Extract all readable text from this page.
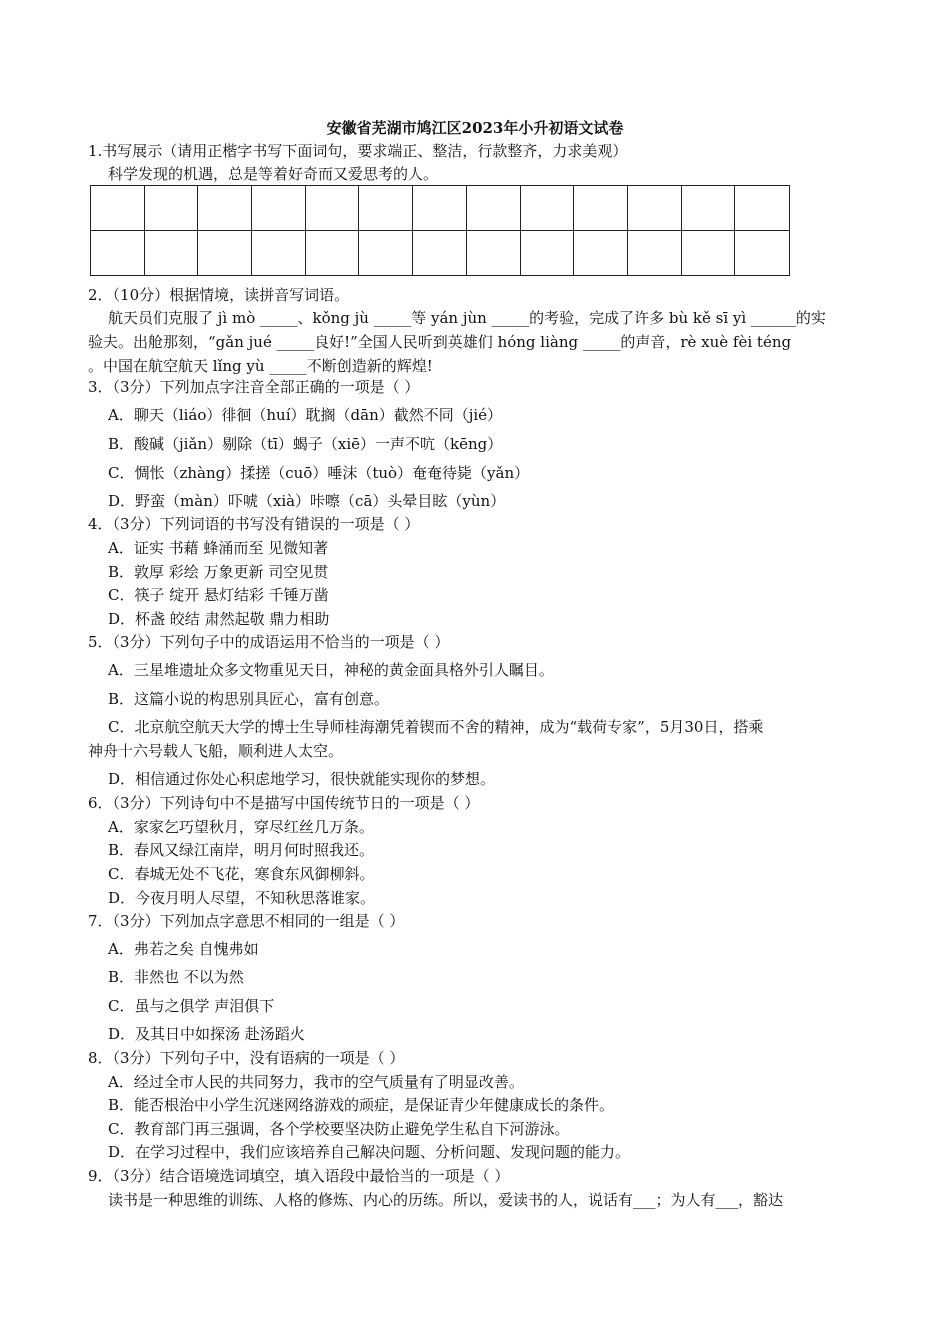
安徽省芜湖市鸠江区2023年小升初语文试卷
1.书写展示（请用正楷字书写下面词句，要求端正、整洁，行款整齐，力求美观）
科学发现的机遇，总是等着好奇而又爱思考的人。
2．（10分）根据情境，读拼音写词语。
航天员们克服了 jì mò _____、kǒng jù _____等 yán jùn _____的考验，完成了许多 bù kě sī yì ______的实
验夫。出舱那刻，“gǎn jué _____良好!”全国人民听到英雄们 hóng liàng _____的声音，rè xuè fèi téng
。中国在航空航天 lǐng yù _____不断创造新的辉煌!
3．（3分）下列加点字注音全部正确的一项是（ ）
A．聊天（liáo）徘徊（huí）耽搁（dān）截然不同（jié）
B．酸碱（jiǎn）剔除（tī）蝎子（xiē）一声不吭（kēng）
C．惆怅（zhàng）揉搓（cuō）唾沫（tuò）奄奄待毙（yǎn）
D．野蛮（màn）吓唬（xià）咔嚓（cā）头晕目眩（yùn）
4．（3分）下列词语的书写没有错误的一项是（ ）
A．证实 书藉 蜂涌而至 见微知著
B．敦厚 彩绘 万象更新 司空见贯
C．筷子 绽开 悬灯结彩 千锤万凿
D．杯盏 皎结 肃然起敬 鼎力相助
5．（3分）下列句子中的成语运用不恰当的一项是（ ）
A．三星堆遗址众多文物重见天日，神秘的黄金面具格外引人瞩目。
B．这篇小说的构思别具匠心，富有创意。
C．北京航空航天大学的博士生导师桂海潮凭着锲而不舍的精神，成为“载荷专家”，5月30日，搭乘
神舟十六号载人飞船，顺利进人太空。
D．相信通过你处心积虑地学习，很快就能实现你的梦想。
6．（3分）下列诗句中不是描写中国传统节日的一项是（ ）
A．家家乞巧望秋月，穿尽红丝几万条。
B．春风又绿江南岸，明月何时照我还。
C．春城无处不飞花，寒食东风御柳斜。
D．今夜月明人尽望，不知秋思落谁家。
7．（3分）下列加点字意思不相同的一组是（ ）
A．弗若之矣 自愧弗如
B．非然也 不以为然
C．虽与之俱学 声泪俱下
D．及其日中如探汤 赴汤蹈火
8．（3分）下列句子中，没有语病的一项是（ ）
A．经过全市人民的共同努力，我市的空气质量有了明显改善。
B．能否根治中小学生沉迷网络游戏的顽症，是保证青少年健康成长的条件。
C．教育部门再三强调，各个学校要坚决防止避免学生私自下河游泳。
D．在学习过程中，我们应该培养自己解决问题、分析问题、发现问题的能力。
9．（3分）结合语境选词填空，填入语段中最恰当的一项是（ ）
读书是一种思维的训练、人格的修炼、内心的历练。所以，爱读书的人，说话有___；为人有___，豁达
